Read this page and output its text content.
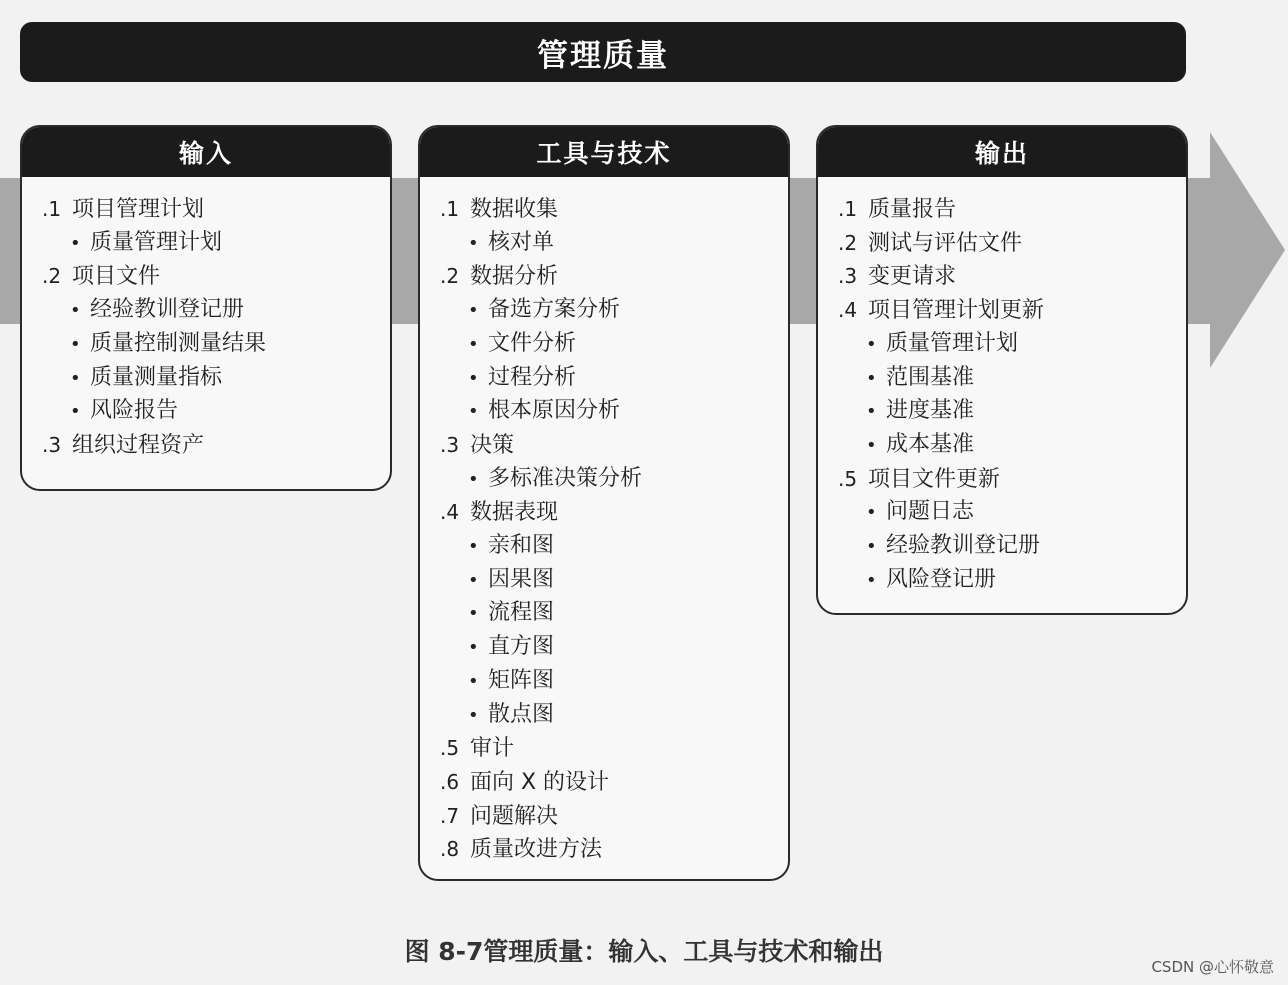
管理质量
输入
.1 项目管理计划
• 质量管理计划
.2 项目文件
• 经验教训登记册
• 质量控制测量结果
• 质量测量指标
• 风险报告
.3 组织过程资产
工具与技术
.1 数据收集
• 核对单
.2 数据分析
• 备选方案分析
• 文件分析
• 过程分析
• 根本原因分析
.3 决策
• 多标准决策分析
.4 数据表现
• 亲和图
• 因果图
• 流程图
• 直方图
• 矩阵图
• 散点图
.5 审计
.6 面向 X 的设计
.7 问题解决
.8 质量改进方法
输出
.1 质量报告
.2 测试与评估文件
.3 变更请求
.4 项目管理计划更新
• 质量管理计划
• 范围基准
• 进度基准
• 成本基准
.5 项目文件更新
• 问题日志
• 经验教训登记册
• 风险登记册
图 8-7管理质量：输入、工具与技术和输出
CSDN @心怀敬意
